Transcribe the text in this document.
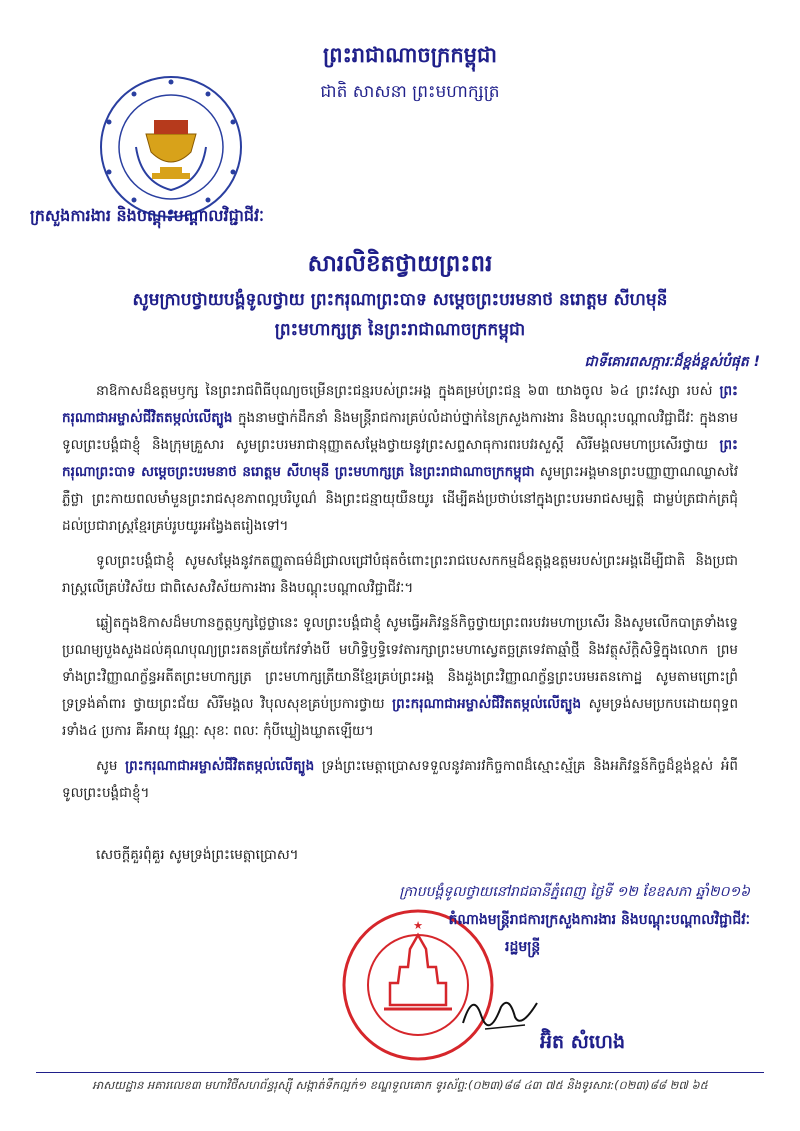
ព្រះរាជាណាចក្រកម្ពុជា
ជាតិ សាសនា ព្រះមហាក្សត្រ
ក្រសួងការងារ និងបណ្តុះបណ្តាលវិជ្ជាជីវៈ
សារលិខិតថ្វាយព្រះពរ
សូមក្រាបថ្វាយបង្គំទូលថ្វាយ ព្រះករុណាព្រះបាទ សម្តេចព្រះបរមនាថ នរោត្តម សីហមុនី
ព្រះមហាក្សត្រ នៃព្រះរាជាណាចក្រកម្ពុជា
ជាទីគោរពសក្ការៈដ៏ខ្ពង់ខ្ពស់បំផុត !

នាឱកាសដ៏ឧត្តមឫក្ស នៃព្រះរាជពិធីបុណ្យចម្រើនព្រះជន្មរបស់ព្រះអង្គ ក្នុងគម្រប់ព្រះជន្ម ៦៣ យាងចូល ៦៤ ព្រះវស្សា របស់ ព្រះករុណាជាអម្ចាស់ជីវិតតម្កល់លើត្បូង ក្នុងនាមថ្នាក់ដឹកនាំ និងមន្ត្រីរាជការគ្រប់លំដាប់ថ្នាក់នៃក្រសួងការងារ និងបណ្តុះបណ្តាលវិជ្ជាជីវៈ ក្នុងនាមទូលព្រះបង្គំជាខ្ញុំ និងក្រុមគ្រួសារ សូមព្រះបរមរាជានុញ្ញាតសម្តែងថ្វាយនូវព្រះសព្ទសាធុការពរបវរសួស្តី សិរីមង្គលមហាប្រសើរថ្វាយ ព្រះករុណាព្រះបាទ សម្តេចព្រះបរមនាថ នរោត្តម សីហមុនី ព្រះមហាក្សត្រ នៃព្រះរាជាណាចក្រកម្ពុជា សូមព្រះអង្គមានព្រះបញ្ញាញាណឈ្លាសវៃ ភ្លឺថ្លា ព្រះកាយពលមាំមួនព្រះរាជសុខភាពល្អបរិបូណ៌ និងព្រះជន្មាយុយឺនយូរ ដើម្បីគង់ប្រថាប់នៅក្នុងព្រះបរមរាជសម្បត្តិ ជាម្លប់ត្រជាក់ត្រជុំដល់ប្រជារាស្ត្រខ្មែរគ្រប់រូបយូរអង្វែងតរៀងទៅ។

ទូលព្រះបង្គំជាខ្ញុំ សូមសម្តែងនូវកតញ្ញូតាធម៌ដ៏ជ្រាលជ្រៅបំផុតចំពោះព្រះរាជបេសកកម្មដ៏ឧត្តុង្គឧត្តមរបស់ព្រះអង្គដើម្បីជាតិ និងប្រជារាស្ត្រលើគ្រប់វិស័យ ជាពិសេសវិស័យការងារ និងបណ្តុះបណ្តាលវិជ្ជាជីវៈ។

ឆ្លៀតក្នុងឱកាសដ៏មហានក្ខត្តឫក្សថ្លៃថ្លានេះ ទូលព្រះបង្គំជាខ្ញុំ សូមធ្វើអភិវន្ទន៍កិច្ចថ្វាយព្រះពរបវរមហាប្រសើរ និងសូមលើកបាត្រទាំងទ្វេប្រណម្យបួងសួងដល់គុណបុណ្យព្រះរតនត្រ័យកែវទាំងបី មហិទ្ធិឫទ្ធិទេវតារក្សាព្រះមហាស្វេតច្ឆត្រទេវតាឆ្មាំថ្មី និងវត្ថុស័ក្តិសិទ្ធិក្នុងលោក ព្រមទាំងព្រះវិញ្ញាណក្ខ័ន្ធអតីតព្រះមហាក្សត្រ ព្រះមហាក្សត្រីយានីខ្មែរគ្រប់ព្រះអង្គ និងដួងព្រះវិញ្ញាណក្ខ័ន្ធព្រះបរមរតនកោដ្ឋ សូមតាមព្រោះព្រំ ទ្រទ្រង់គាំពារ ថ្វាយព្រះជ័យ សិរីមង្គល វិបុលសុខគ្រប់ប្រការថ្វាយ ព្រះករុណាជាអម្ចាស់ជីវិតតម្កល់លើត្បូង សូមទ្រង់សមប្រកបដោយពុទ្ធពរទាំង៤ ប្រការ គឺអាយុ វណ្ណៈ សុខៈ ពលៈ កុំបីឃ្លៀងឃ្លាតឡើយ។

សូម ព្រះករុណាជាអម្ចាស់ជីវិតតម្កល់លើត្បូង ទ្រង់ព្រះមេត្តាប្រោសទទួលនូវគារវកិច្ចកាពដ៏ស្មោះស្ម័គ្រ និងអភិវន្ទន៍កិច្ចដ៏ខ្ពង់ខ្ពស់ អំពីទូលព្រះបង្គំជាខ្ញុំ។

សេចក្តីគួរពុំគួរ សូមទ្រង់ព្រះមេត្តាប្រោស។
★
ក្រាបបង្គំទូលថ្វាយនៅរាជធានីភ្នំពេញ ថ្ងៃទី ១២ ខែឧសភា ឆ្នាំ២០១៦
តំណាងមន្ត្រីរាជការក្រសួងការងារ និងបណ្តុះបណ្តាលវិជ្ជាជីវៈ
រដ្ឋមន្ត្រី
អ៊ិត សំហេង
អាសយដ្ឋាន អគារលេខ៣ មហាវិថីសហព័ន្ធរុស្ស៊ី សង្កាត់ទឹកល្អក់១ ខណ្ឌទួលគោក ទូរស័ព្ទ:(០២៣)៨៨ ៤៣ ៧៥ និងទូរសារ:(០២៣)៨៨ ២៧ ៦៥
